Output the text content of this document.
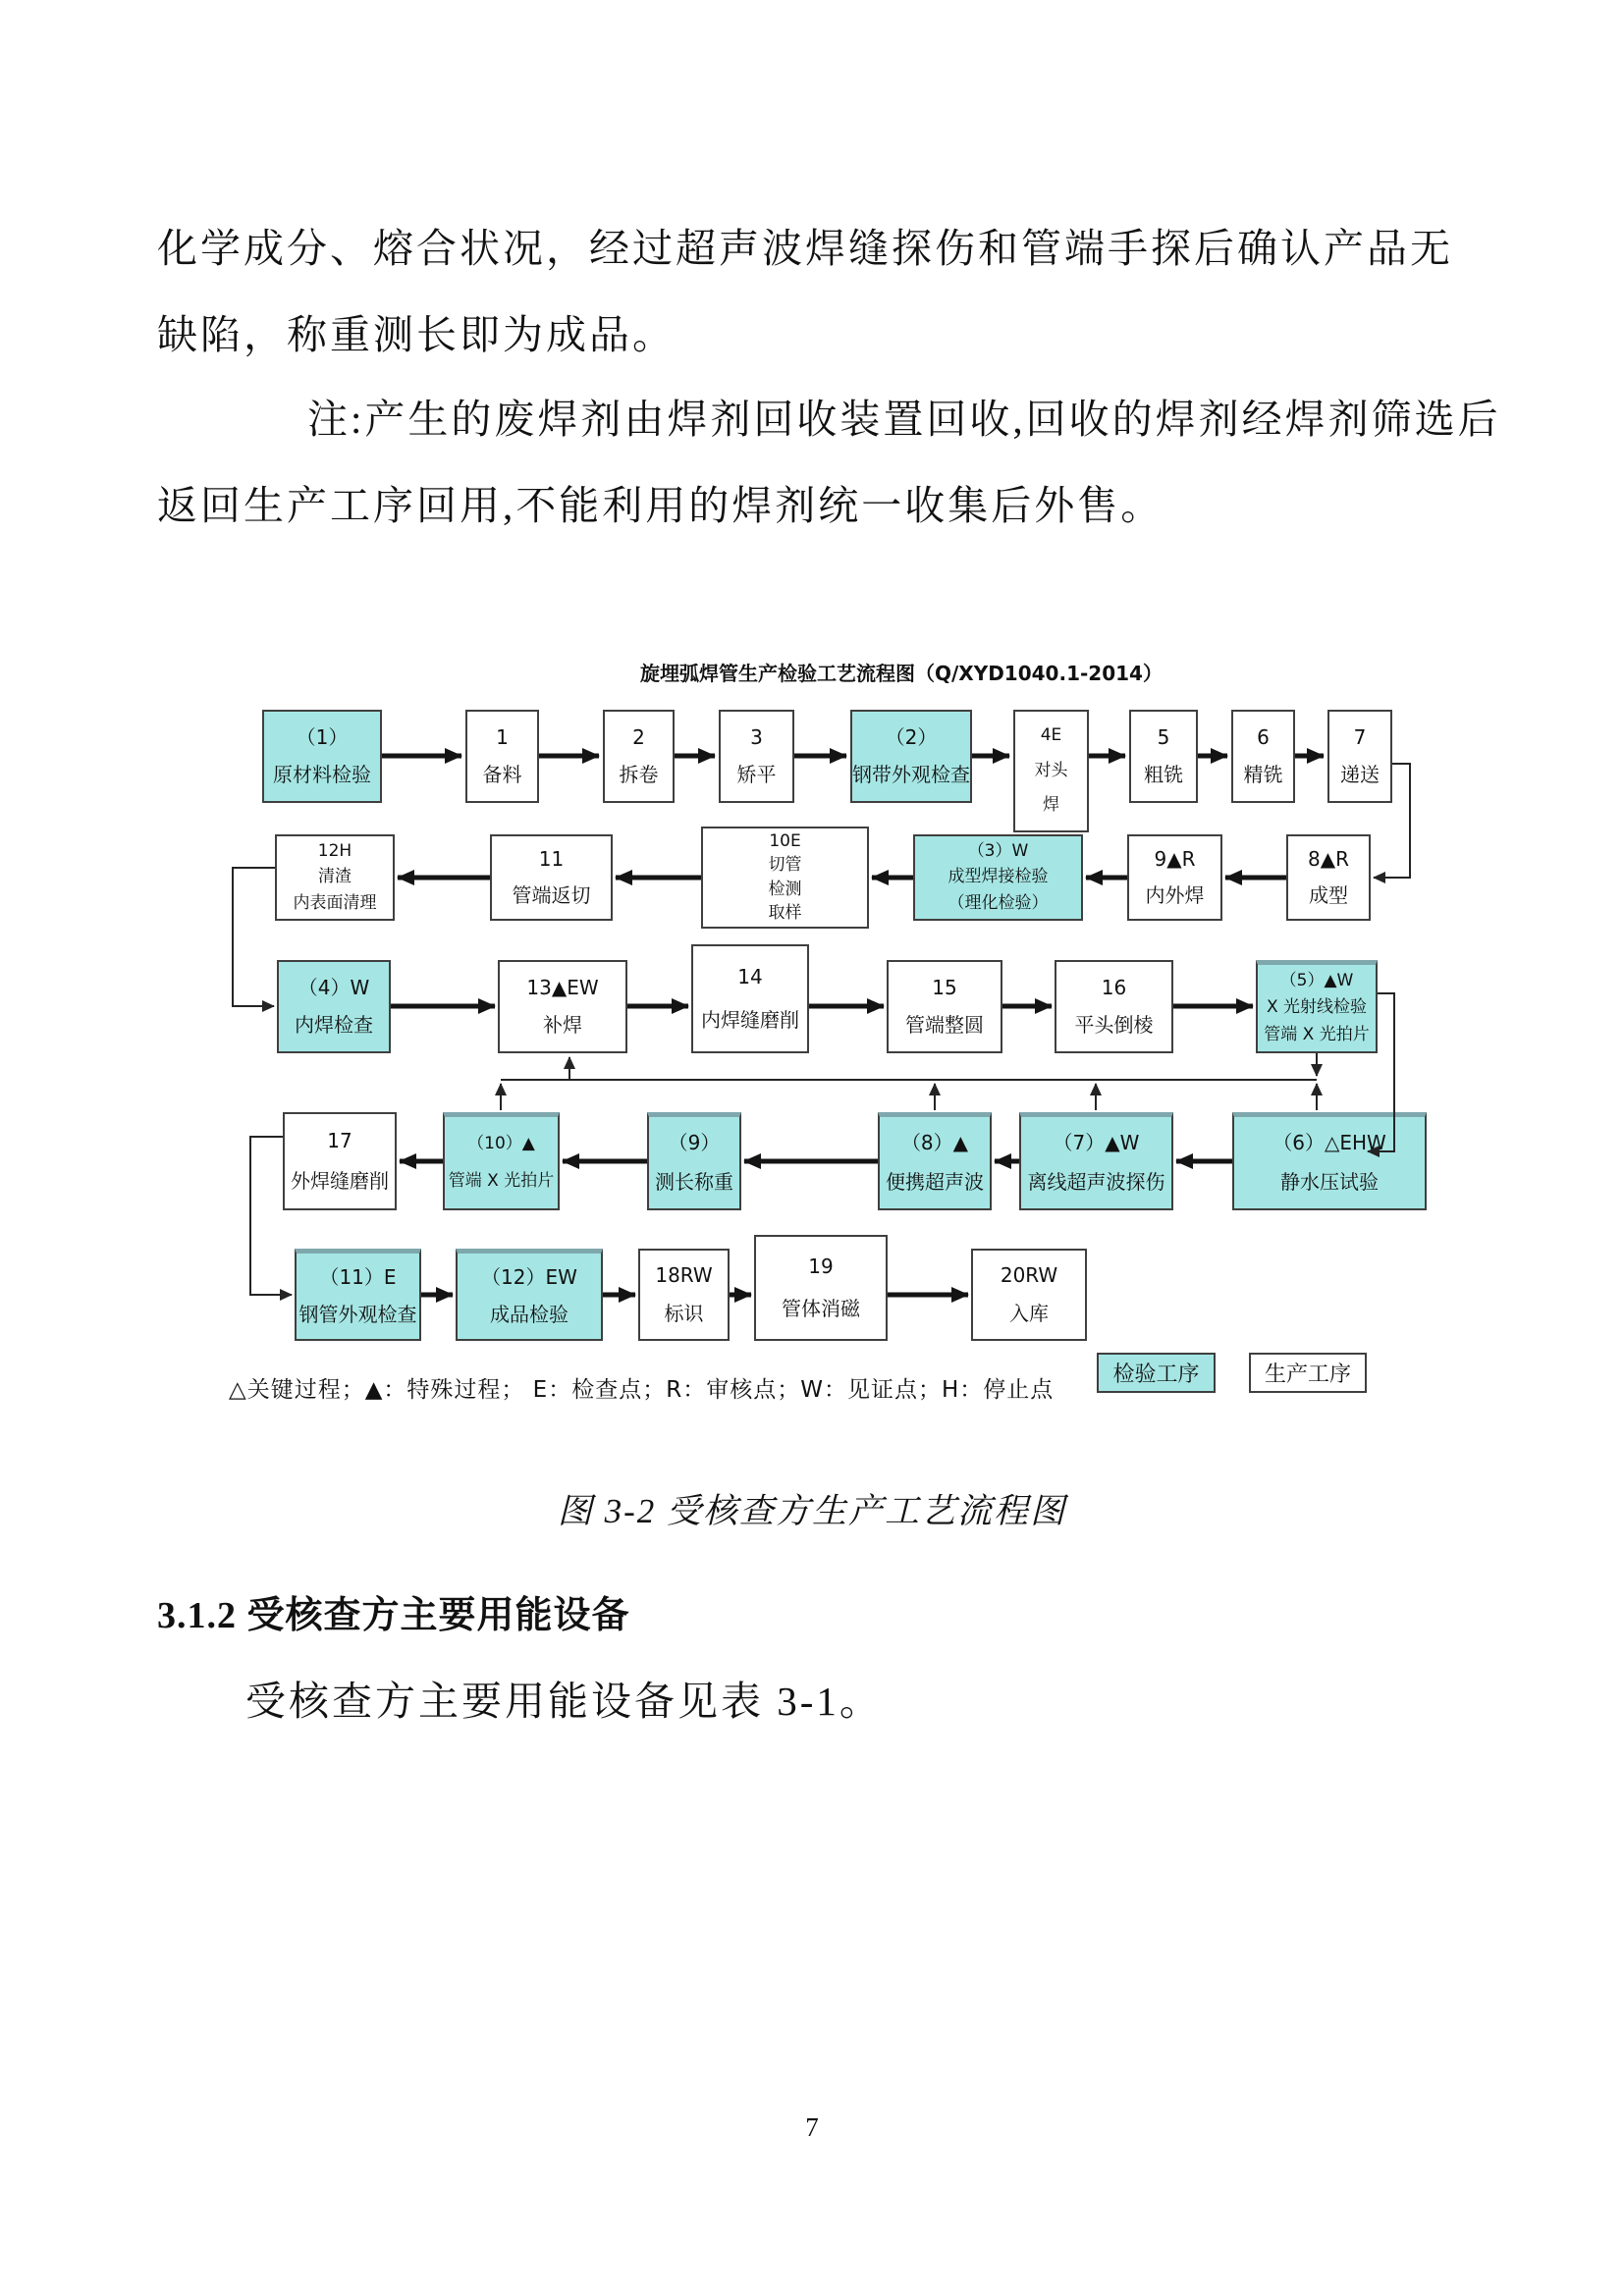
化学成分、熔合状况，经过超声波焊缝探伤和管端手探后确认产品无
缺陷，称重测长即为成品。
注:产生的废焊剂由焊剂回收装置回收,回收的焊剂经焊剂筛选后
返回生产工序回用,不能利用的焊剂统一收集后外售。
旋埋弧焊管生产检验工艺流程图（Q/XYD1040.1-2014）
（1）
原材料检验
1
备料
2
拆卷
3
矫平
（2）
钢带外观检查
4E
对头
焊
5
粗铣
6
精铣
7
递送
8▲R
成型
9▲R
内外焊
（3）W
成型焊接检验
（理化检验）
10E
切管
检测
取样
11
管端返切
12H
清渣
内表面清理
（4）W
内焊检查
13▲EW
补焊
14
内焊缝磨削
15
管端整圆
16
平头倒棱
（5）▲W
X 光射线检验
管端 X 光拍片
（6）△EHW
静水压试验
（7）▲W
离线超声波探伤
（8）▲
便携超声波
（9）
测长称重
（10）▲
管端 X 光拍片
17
外焊缝磨削
（11）E
钢管外观检查
（12）EW
成品检验
18RW
标识
19
管体消磁
20RW
入库
△关键过程；▲：特殊过程； E：检查点；R：审核点；W：见证点；H：停止点
检验工序	生产工序
图 3-2 受核查方生产工艺流程图
3.1.2 受核查方主要用能设备
受核查方主要用能设备见表 3-1。
7
